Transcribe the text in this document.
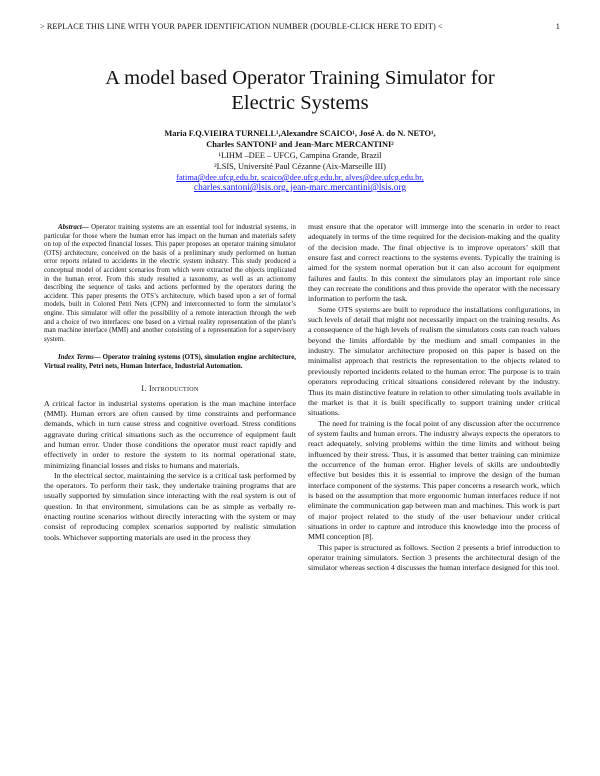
> REPLACE THIS LINE WITH YOUR PAPER IDENTIFICATION NUMBER (DOUBLE-CLICK HERE TO EDIT) <	1
A model based Operator Training Simulator for
Electric Systems
Maria F.Q.VIEIRA TURNELL¹,Alexandre SCAICO¹, José A. do N. NETO¹,
Charles SANTONI² and Jean-Marc MERCANTINI²
¹LIHM –DEE – UFCG, Campina Grande, Brazil
²LSIS, Université Paul Cézanne (Aix-Marseille III)
fatima@dee.ufcg.edu.br, scaico@dee.ufcg.edu.br, alves@dee.ufcg.edu.br,
charles.santoni@lsis.org, jean-marc.mercantini@lsis.org

Abstract— Operator training systems are an essential tool for industrial systems, in particular for those where the human error has impact on the human and materials safety on top of the expected financial losses. This paper proposes an operator training simulator (OTS) architecture, conceived on the basis of a preliminary study performed on human error reports related to accidents in the electric system industry. This study produced a conceptual model of accident scenarios from which were extracted the objects implicated in the human error. From this study resulted a taxonomy, as well as an actionomy describing the sequence of tasks and actions performed by the operators during the accident. This paper presents the OTS’s architecture, which based upon a set of formal models, built in Colored Petri Nets (CPN) and interconnected to form the simulator’s engine. This simulator will offer the possibility of a remote interaction through the web and a choice of two interfaces: one based on a virtual reality representation of the plant’s man machine interface (MMI) and another consisting of a representation for a supervisory system.

Index Terms— Operator training systems (OTS), simulation engine architecture, Virtual reality, Petri nets, Human Interface, Industrial Automation.

I. Introduction

A critical factor in industrial systems operation is the man machine interface (MMI). Human errors are often caused by time constraints and performance demands, which in turn cause stress and cognitive overload. Stress conditions aggravate during critical situations such as the occurrence of equipment fault and human error. Under those conditions the operator must react rapidly and effectively in order to restore the system to its normal operational state, minimizing financial losses and risks to humans and materials.

In the electrical sector, maintaining the service is a critical task performed by the operators. To perform their task, they undertake training programs that are usually supported by simulation since interacting with the real system is out of question. In that environment, simulations can be as simple as verbally re-enacting routine scenarios without directly interacting with the system or may consist of reproducing complex scenarios supported by realistic simulation tools. Whichever supporting materials are used in the process they

must ensure that the operator will immerge into the scenario in order to react adequately in terms of the time required for the decision-making and the quality of the decision made. The final objective is to improve operators’ skill that ensure fast and correct reactions to the systems events. Typically the training is aimed for the system normal operation but it can also account for equipment failures and faults. In this context the simulators play an important role since they can recreate the conditions and thus provide the operator with the necessary information to perform the task.

Some OTS systems are built to reproduce the installations configurations, in such levels of detail that might not necessarily impact on the training results. As a consequence of the high levels of realism the simulators costs can reach values beyond the limits affordable by the medium and small companies in the industry. The simulator architecture proposed on this paper is based on the minimalist approach that restricts the representation to the objects related to previously reported incidents related to the human error. The purpose is to train operators reproducing critical situations considered relevant by the industry. Thus its main distinctive feature in relation to other simulating tools available in the market is that it is built specifically to support training under critical situations.

The need for training is the focal point of any discussion after the occurrence of system faults and human errors. The industry always expects the operators to react adequately, solving problems within the time limits and without being influenced by their stress. Thus, it is assumed that better training can minimize the occurrence of the human error. Higher levels of skills are undoubtedly effective but besides this it is essential to improve the design of the human interface component of the systems. This paper concerns a research work, which is based on the assumption that more ergonomic human interfaces reduce if not eliminate the communication gap between man and machines. This work is part of major project related to the study of the user behaviour under critical situations in order to capture and introduce this knowledge into the process of MMI conception [8].

This paper is structured as follows. Section 2 presents a brief introduction to operator training simulators. Section 3 presents the architectural design of the simulator whereas section 4 discusses the human interface designed for this tool.
